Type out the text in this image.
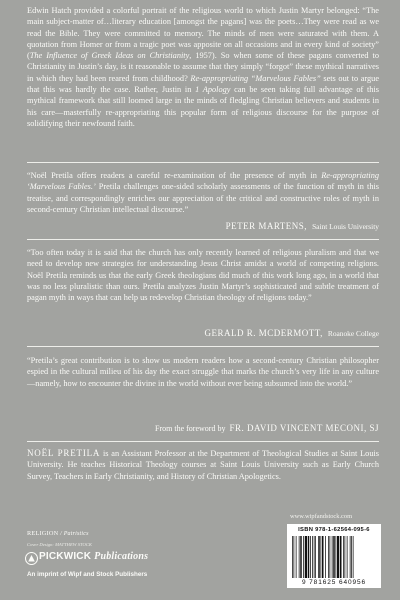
Edwin Hatch provided a colorful portrait of the religious world to which Justin Martyr belonged: “The main subject-matter of…literary education [amongst the pagans] was the poets…They were read as we read the Bible. They were committed to memory. The minds of men were saturated with them. A quotation from Homer or from a tragic poet was apposite on all occasions and in every kind of society” (The Influence of Greek Ideas on Christianity, 1957). So when some of these pagans converted to Christianity in Justin’s day, is it reasonable to assume that they simply “forgot” these mythical narratives in which they had been reared from childhood? Re-appropriating “Marvelous Fables” sets out to argue that this was hardly the case. Rather, Justin in 1 Apology can be seen taking full advantage of this mythical framework that still loomed large in the minds of fledgling Christian believers and students in his care—masterfully re-appropriating this popular form of religious discourse for the purpose of solidifying their newfound faith.
“Noël Pretila offers readers a careful re-examination of the presence of myth in Re-appropriating ‘Marvelous Fables.’ Pretila challenges one-sided scholarly assessments of the function of myth in this treatise, and correspondingly enriches our appreciation of the critical and constructive roles of myth in second-century Christian intellectual discourse.”
PETER MARTENS, Saint Louis University
“Too often today it is said that the church has only recently learned of religious pluralism and that we need to develop new strategies for understanding Jesus Christ amidst a world of competing religions. Noël Pretila reminds us that the early Greek theologians did much of this work long ago, in a world that was no less pluralistic than ours. Pretila analyzes Justin Martyr’s sophisticated and subtle treatment of pagan myth in ways that can help us redevelop Christian theology of religions today.”
GERALD R. MCDERMOTT, Roanoke College
“Pretila’s great contribution is to show us modern readers how a second-century Christian philosopher espied in the cultural milieu of his day the exact struggle that marks the church’s very life in any culture—namely, how to encounter the divine in the world without ever being subsumed into the world.”
From the foreword by FR. DAVID VINCENT MECONI, SJ
NOËL PRETILA is an Assistant Professor at the Department of Theological Studies at Saint Louis University. He teaches Historical Theology courses at Saint Louis University such as Early Church Survey, Teachers in Early Christianity, and History of Christian Apologetics.
www.wipfandstock.com
RELIGION / Patristics
Cover Design: MATTHEW STOCK
PICKWICK Publications
An imprint of Wipf and Stock Publishers
ISBN 978-1-62564-095-6
9 781625 640956
